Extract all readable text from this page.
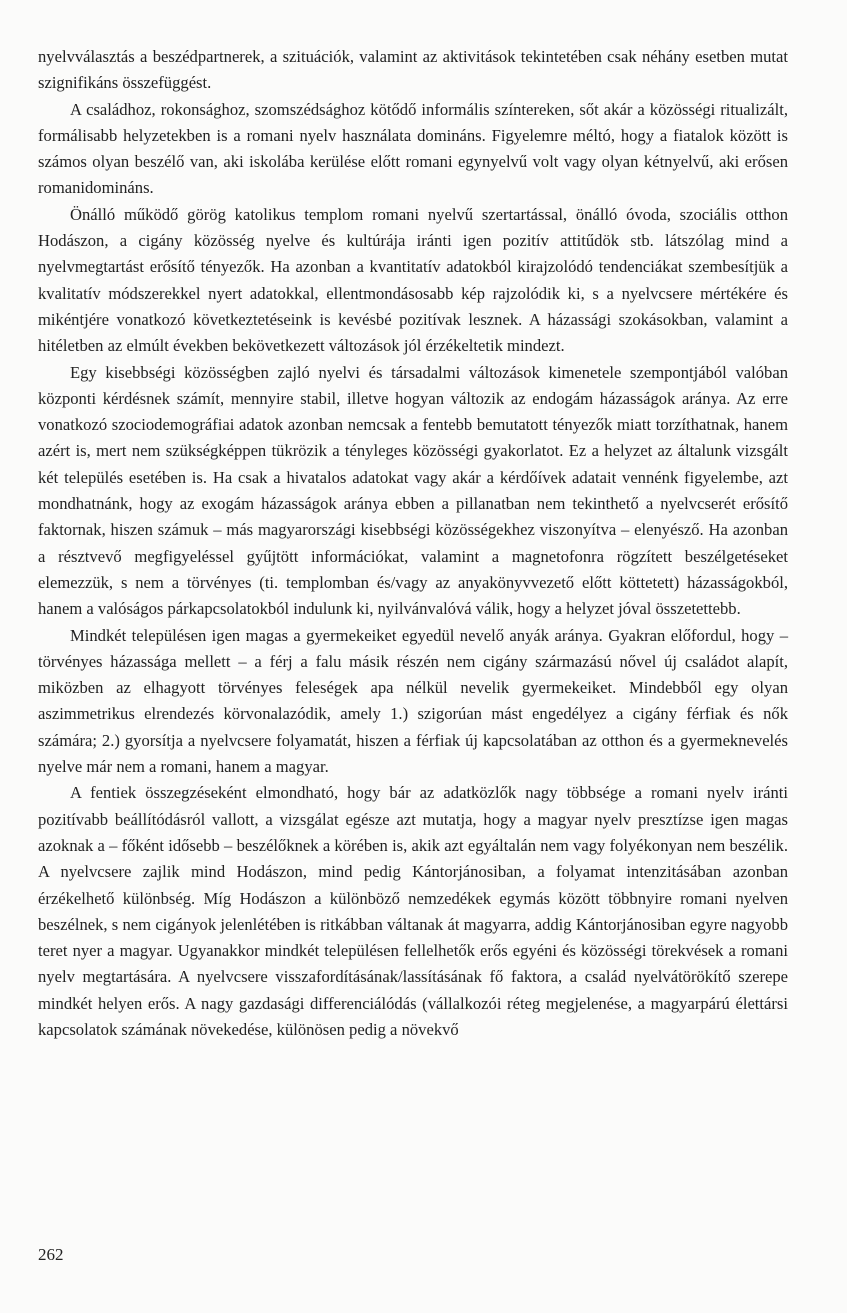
nyelvválasztás a beszédpartnerek, a szituációk, valamint az aktivitások tekintetében csak néhány esetben mutat szignifikáns összefüggést.

A családhoz, rokonsághoz, szomszédsághoz kötődő informális színtereken, sőt akár a közösségi ritualizált, formálisabb helyzetekben is a romani nyelv használata domináns. Figyelemre méltó, hogy a fiatalok között is számos olyan beszélő van, aki iskolába kerülése előtt romani egynyelvű volt vagy olyan kétnyelvű, aki erősen romanidomináns.

Önálló működő görög katolikus templom romani nyelvű szertartással, önálló óvoda, szociális otthon Hodászon, a cigány közösség nyelve és kultúrája iránti igen pozitív attitűdök stb. látszólag mind a nyelvmegtartást erősítő tényezők. Ha azonban a kvantitatív adatokból kirajzolódó tendenciákat szembesítjük a kvalitatív módszerekkel nyert adatokkal, ellentmondásosabb kép rajzolódik ki, s a nyelvcsere mértékére és mikéntjére vonatkozó következtetéseink is kevésbé pozitívak lesznek. A házassági szokásokban, valamint a hitéletben az elmúlt években bekövetkezett változások jól érzékeltetik mindezt.

Egy kisebbségi közösségben zajló nyelvi és társadalmi változások kimenetele szempontjából valóban központi kérdésnek számít, mennyire stabil, illetve hogyan változik az endogám házasságok aránya. Az erre vonatkozó szociodemográfiai adatok azonban nemcsak a fentebb bemutatott tényezők miatt torzíthatnak, hanem azért is, mert nem szükségképpen tükrözik a tényleges közösségi gyakorlatot. Ez a helyzet az általunk vizsgált két település esetében is. Ha csak a hivatalos adatokat vagy akár a kérdőívek adatait vennénk figyelembe, azt mondhatnánk, hogy az exogám házasságok aránya ebben a pillanatban nem tekinthető a nyelvcserét erősítő faktornak, hiszen számuk – más magyarországi kisebbségi közösségekhez viszonyítva – elenyésző. Ha azonban a résztvevő megfigyeléssel gyűjtött információkat, valamint a magnetofonra rögzített beszélgetéseket elemezzük, s nem a törvényes (ti. templomban és/vagy az anyakönyvvezető előtt köttetett) házasságokból, hanem a valóságos párkapcsolatokból indulunk ki, nyilvánvalóvá válik, hogy a helyzet jóval összetettebb.

Mindkét településen igen magas a gyermekeiket egyedül nevelő anyák aránya. Gyakran előfordul, hogy – törvényes házassága mellett – a férj a falu másik részén nem cigány származású nővel új családot alapít, miközben az elhagyott törvényes feleségek apa nélkül nevelik gyermekeiket. Mindebből egy olyan aszimmetrikus elrendezés körvonalazódik, amely 1.) szigorúan mást engedélyez a cigány férfiak és nők számára; 2.) gyorsítja a nyelvcsere folyamatát, hiszen a férfiak új kapcsolatában az otthon és a gyermeknevelés nyelve már nem a romani, hanem a magyar.

A fentiek összegzéseként elmondható, hogy bár az adatközlők nagy többsége a romani nyelv iránti pozitívabb beállítódásról vallott, a vizsgálat egésze azt mutatja, hogy a magyar nyelv presztízse igen magas azoknak a – főként idősebb – beszélőknek a körében is, akik azt egyáltalán nem vagy folyékonyan nem beszélik. A nyelvcsere zajlik mind Hodászon, mind pedig Kántorjánosiban, a folyamat intenzitásában azonban érzékelhető különbség. Míg Hodászon a különböző nemzedékek egymás között többnyire romani nyelven beszélnek, s nem cigányok jelenlétében is ritkábban váltanak át magyarra, addig Kántorjánosiban egyre nagyobb teret nyer a magyar. Ugyanakkor mindkét településen fellelhetők erős egyéni és közösségi törekvések a romani nyelv megtartására. A nyelvcsere visszafordításának/lassításának fő faktora, a család nyelvátörökítő szerepe mindkét helyen erős. A nagy gazdasági differenciálódás (vállalkozói réteg megjelenése, a magyarpárú élettársi kapcsolatok számának növekedése, különösen pedig a növekvő

262
